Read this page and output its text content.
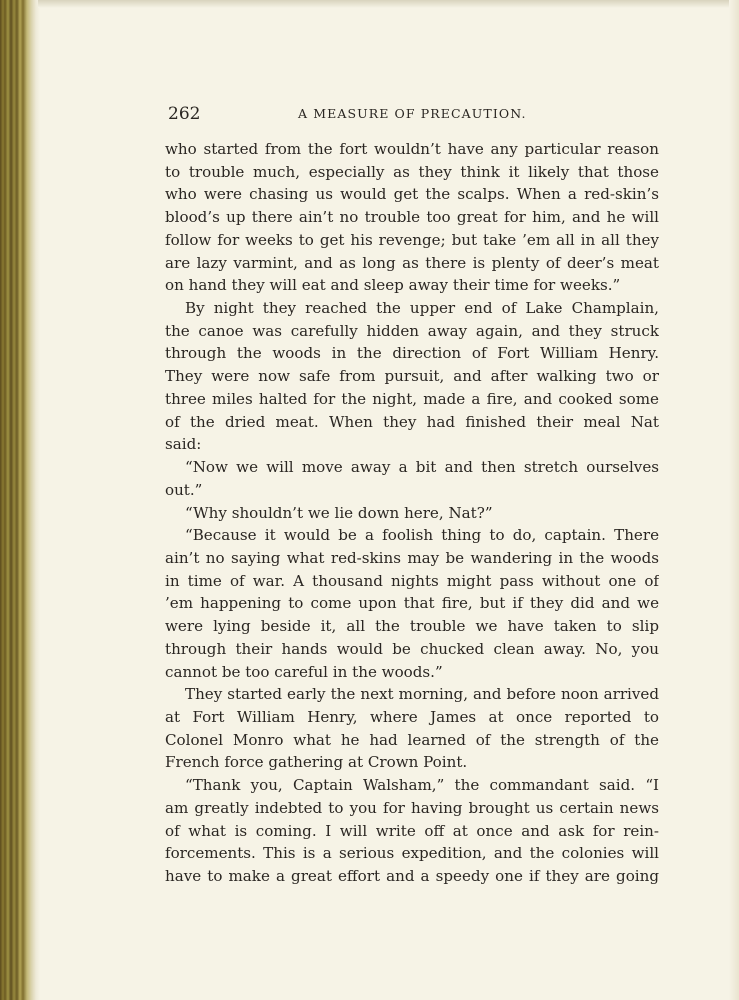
262	A MEASURE OF PRECAUTION.
who started from the fort wouldn’t have any particular reason
to trouble much, especially as they think it likely that those
who were chasing us would get the scalps. When a red-skin’s
blood’s up there ain’t no trouble too great for him, and he will
follow for weeks to get his revenge; but take ’em all in all they
are lazy varmint, and as long as there is plenty of deer’s meat
on hand they will eat and sleep away their time for weeks.”
By night they reached the upper end of Lake Champlain,
the canoe was carefully hidden away again, and they struck
through the woods in the direction of Fort William Henry.
They were now safe from pursuit, and after walking two or
three miles halted for the night, made a fire, and cooked some
of the dried meat. When they had finished their meal Nat
said:
“Now we will move away a bit and then stretch ourselves
out.”
“Why shouldn’t we lie down here, Nat?”
“Because it would be a foolish thing to do, captain. There
ain’t no saying what red-skins may be wandering in the woods
in time of war. A thousand nights might pass without one of
’em happening to come upon that fire, but if they did and we
were lying beside it, all the trouble we have taken to slip
through their hands would be chucked clean away. No, you
cannot be too careful in the woods.”
They started early the next morning, and before noon arrived
at Fort William Henry, where James at once reported to
Colonel Monro what he had learned of the strength of the
French force gathering at Crown Point.
“Thank you, Captain Walsham,” the commandant said. “I
am greatly indebted to you for having brought us certain news
of what is coming. I will write off at once and ask for rein-
forcements. This is a serious expedition, and the colonies will
have to make a great effort and a speedy one if they are going
